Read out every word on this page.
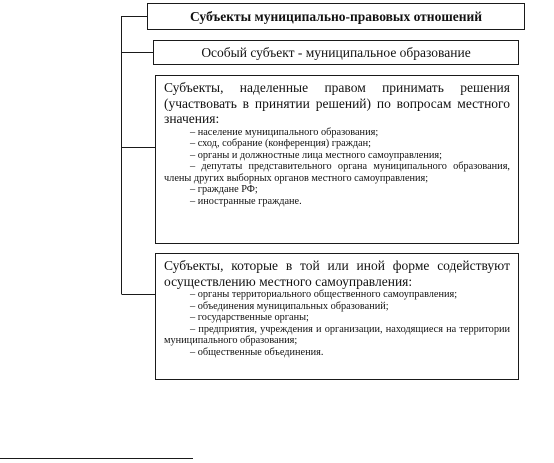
Субъекты муниципально-правовых отношений
Особый субъект - муниципальное образование
Субъекты, наделенные правом принимать решения (участвовать в принятии решений) по вопросам местного значения:
– население муниципального образования;
– сход, собрание (конференция) граждан;
– органы и должностные лица местного самоуправления;
– депутаты представительного органа муниципального образования, члены других выборных органов местного самоуправления;
– граждане РФ;
– иностранные граждане.
Субъекты, которые в той или иной форме содействуют осуществлению местного самоуправления:
– органы территориального общественного самоуправления;
– объединения муниципальных образований;
– государственные органы;
– предприятия, учреждения и организации, находящиеся на территории муниципального образования;
– общественные объединения.
